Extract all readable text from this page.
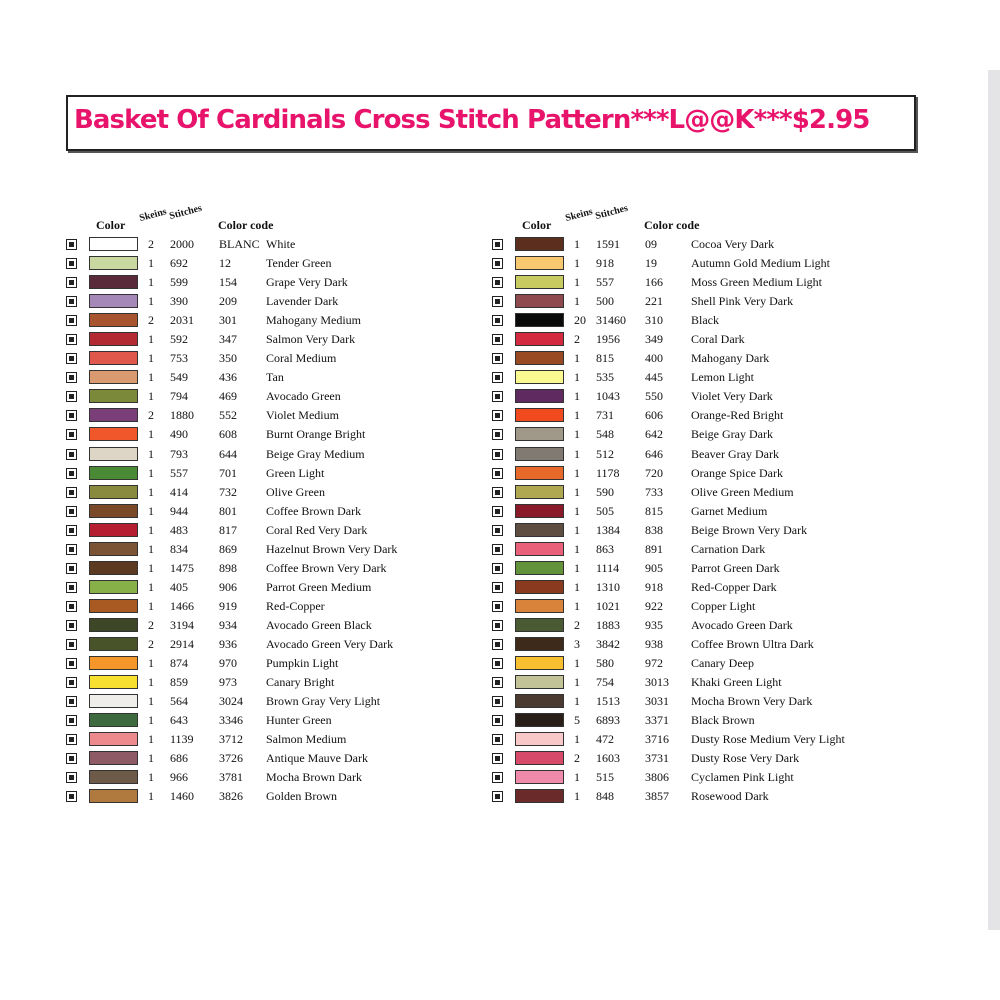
Basket Of Cardinals Cross Stitch Pattern***L@@K***$2.95
Color
Skeins Stitches
Color code
2 2000 BLANC White
1 692	12	Tender Green
1 599	154 Grape Very Dark
1 390	209 Lavender Dark
2 2031 301 Mahogany Medium
1 592	347 Salmon Very Dark
1 753	350 Coral Medium
1 549	436 Tan
1 794	469 Avocado Green
2 1880 552 Violet Medium
1 490	608 Burnt Orange Bright
1 793	644 Beige Gray Medium
1 557	701 Green Light
1 414	732 Olive Green
1 944	801 Coffee Brown Dark
1 483	817 Coral Red Very Dark
1 834	869 Hazelnut Brown Very Dark
1 1475 898 Coffee Brown Very Dark
1 405	906 Parrot Green Medium
1 1466 919 Red-Copper
2 3194 934 Avocado Green Black
2 2914 936 Avocado Green Very Dark
1 874	970 Pumpkin Light
1 859	973 Canary Bright
1 564	3024 Brown Gray Very Light
1 643	3346 Hunter Green
1 1139 3712 Salmon Medium
1 686	3726 Antique Mauve Dark
1 966	3781 Mocha Brown Dark
1 1460 3826 Golden Brown
Color
Skeins Stitches
Color code
1 1591 09	Cocoa Very Dark
1 918	19	Autumn Gold Medium Light
1 557	166 Moss Green Medium Light
1 500	221 Shell Pink Very Dark
20 31460 310 Black
2 1956 349 Coral Dark
1 815	400 Mahogany Dark
1 535	445 Lemon Light
1 1043 550 Violet Very Dark
1 731	606 Orange-Red Bright
1 548	642 Beige Gray Dark
1 512	646 Beaver Gray Dark
1 1178 720 Orange Spice Dark
1 590	733 Olive Green Medium
1 505	815 Garnet Medium
1 1384 838 Beige Brown Very Dark
1 863	891 Carnation Dark
1 1114 905 Parrot Green Dark
1 1310 918 Red-Copper Dark
1 1021 922 Copper Light
2 1883 935 Avocado Green Dark
3 3842 938 Coffee Brown Ultra Dark
1 580	972 Canary Deep
1 754	3013 Khaki Green Light
1 1513 3031 Mocha Brown Very Dark
5 6893 3371 Black Brown
1 472	3716 Dusty Rose Medium Very Light
2 1603 3731 Dusty Rose Very Dark
1 515	3806 Cyclamen Pink Light
1 848	3857 Rosewood Dark
